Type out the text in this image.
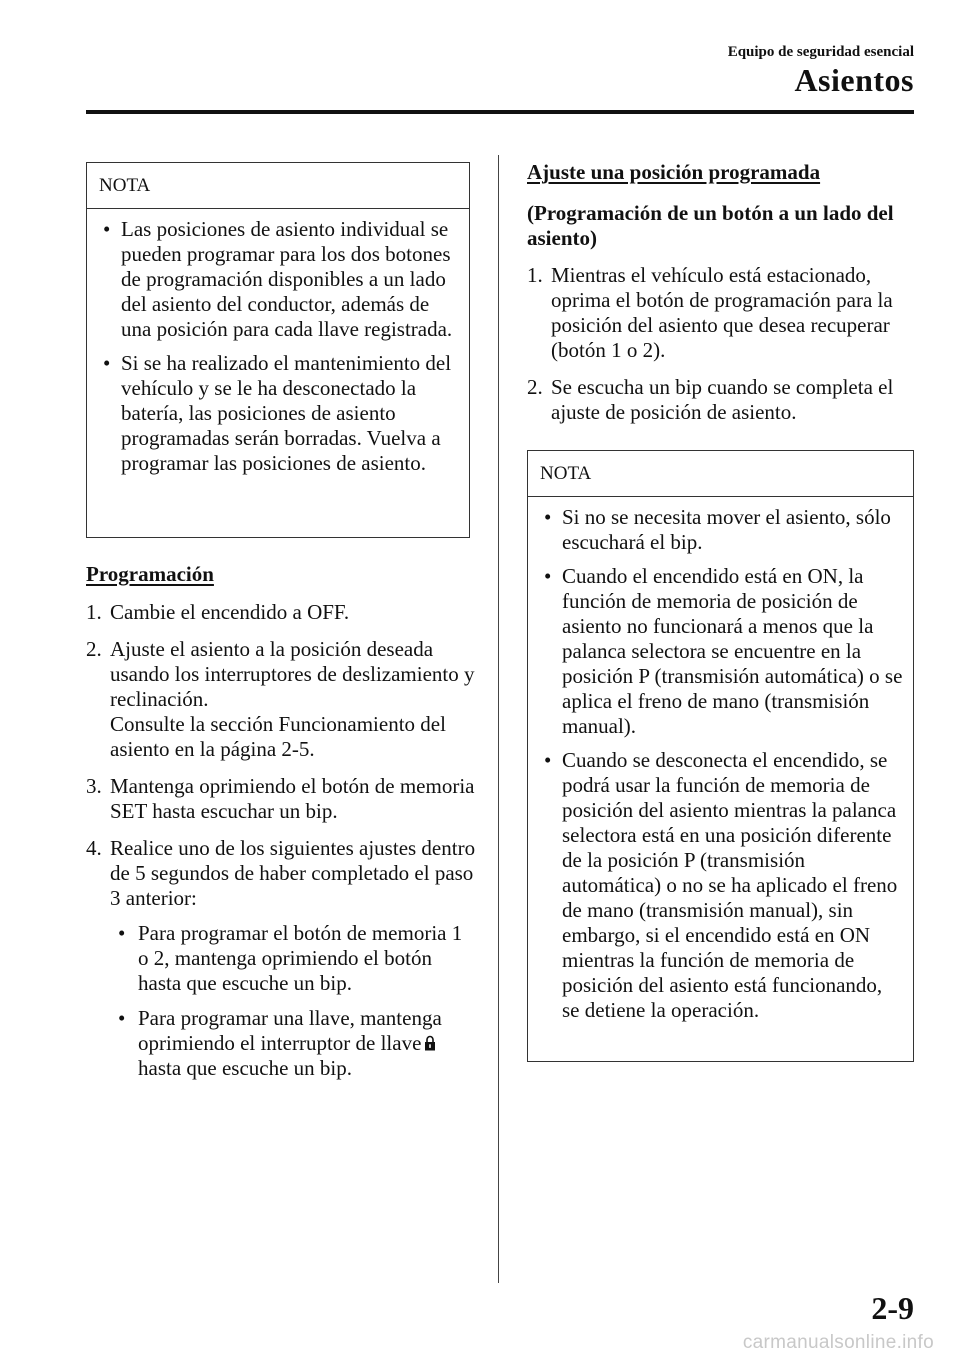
Equipo de seguridad esencial
Asientos
NOTA
• Las posiciones de asiento individual se pueden programar para los dos botones de programación disponibles a un lado del asiento del conductor, además de una posición para cada llave registrada.
• Si se ha realizado el mantenimiento del vehículo y se le ha desconectado la batería, las posiciones de asiento programadas serán borradas. Vuelva a programar las posiciones de asiento.
Programación
1. Cambie el encendido a OFF.
2. Ajuste el asiento a la posición deseada usando los interruptores de deslizamiento y reclinación.
Consulte la sección Funcionamiento del asiento en la página 2-5.
3. Mantenga oprimiendo el botón de memoria SET hasta escuchar un bip.
4. Realice uno de los siguientes ajustes dentro de 5 segundos de haber completado el paso 3 anterior:
• Para programar el botón de memoria 1 o 2, mantenga oprimiendo el botón hasta que escuche un bip.
• Para programar una llave, mantenga oprimiendo el interruptor de llave
hasta que escuche un bip.
Ajuste una posición programada
(Programación de un botón a un lado del asiento)
1. Mientras el vehículo está estacionado, oprima el botón de programación para la posición del asiento que desea recuperar (botón 1 o 2).
2. Se escucha un bip cuando se completa el ajuste de posición de asiento.
NOTA
• Si no se necesita mover el asiento, sólo escuchará el bip.
• Cuando el encendido está en ON, la función de memoria de posición de asiento no funcionará a menos que la palanca selectora se encuentre en la posición P (transmisión automática) o se aplica el freno de mano (transmisión manual).
• Cuando se desconecta el encendido, se podrá usar la función de memoria de posición del asiento mientras la palanca selectora está en una posición diferente de la posición P (transmisión automática) o no se ha aplicado el freno de mano (transmisión manual), sin embargo, si el encendido está en ON mientras la función de memoria de posición del asiento está funcionando, se detiene la operación.
2-9
carmanualsonline.info
